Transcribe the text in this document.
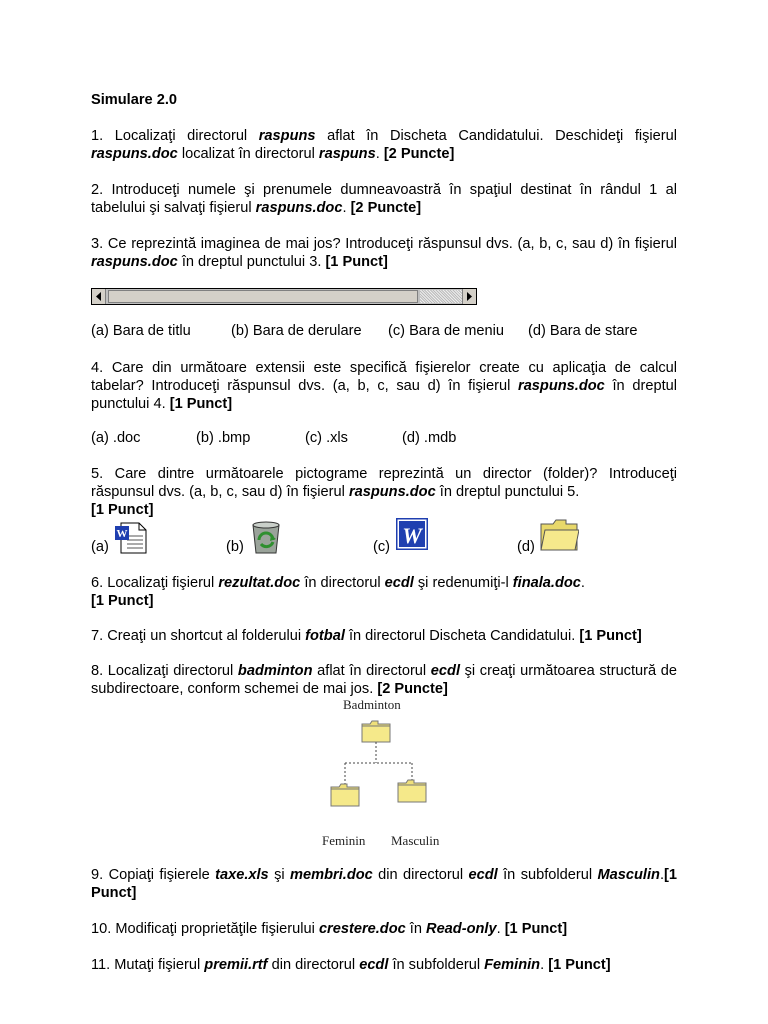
Simulare 2.0
1. Localizaţi directorul raspuns aflat în Discheta Candidatului. Deschideţi fişierul raspuns.doc localizat în directorul raspuns. [2 Puncte]
2. Introduceţi numele şi prenumele dumneavoastră în spaţiul destinat în rândul 1 al tabelului şi salvaţi fişierul raspuns.doc. [2 Puncte]
3. Ce reprezintă imaginea de mai jos? Introduceţi răspunsul dvs. (a, b, c, sau d) în fişierul raspuns.doc în dreptul punctului 3. [1 Punct]
(a) Bara de titlu	(b) Bara de derulare (c) Bara de meniu (d) Bara de stare
4. Care din următoare extensii este specifică fişierelor create cu aplicaţia de calcul tabelar? Introduceţi răspunsul dvs. (a, b, c, sau d) în fişierul raspuns.doc în dreptul punctului 4. [1 Punct]
(a) .doc	(b) .bmp	(c) .xls	(d) .mdb
5. Care dintre următoarele pictograme reprezintă un director (folder)? Introduceţi răspunsul dvs. (a, b, c, sau d) în fişierul raspuns.doc în dreptul punctului 5.
[1 Punct]
(a)	(b)	(c)	(d)
W	W
6. Localizaţi fişierul rezultat.doc în directorul ecdl şi redenumiţi-l finala.doc.
[1 Punct]
7. Creaţi un shortcut al folderului fotbal în directorul Discheta Candidatului. [1 Punct]
8. Localizaţi directorul badminton aflat în directorul ecdl şi creaţi următoarea structură de subdirectoare, conform schemei de mai jos. [2 Puncte]
Badminton
Feminin Masculin
9. Copiaţi fişierele taxe.xls şi membri.doc din directorul ecdl în subfolderul Masculin.[1 Punct]
10. Modificaţi proprietăţile fişierului crestere.doc în Read-only. [1 Punct]
11. Mutaţi fişierul premii.rtf din directorul ecdl în subfolderul Feminin. [1 Punct]
